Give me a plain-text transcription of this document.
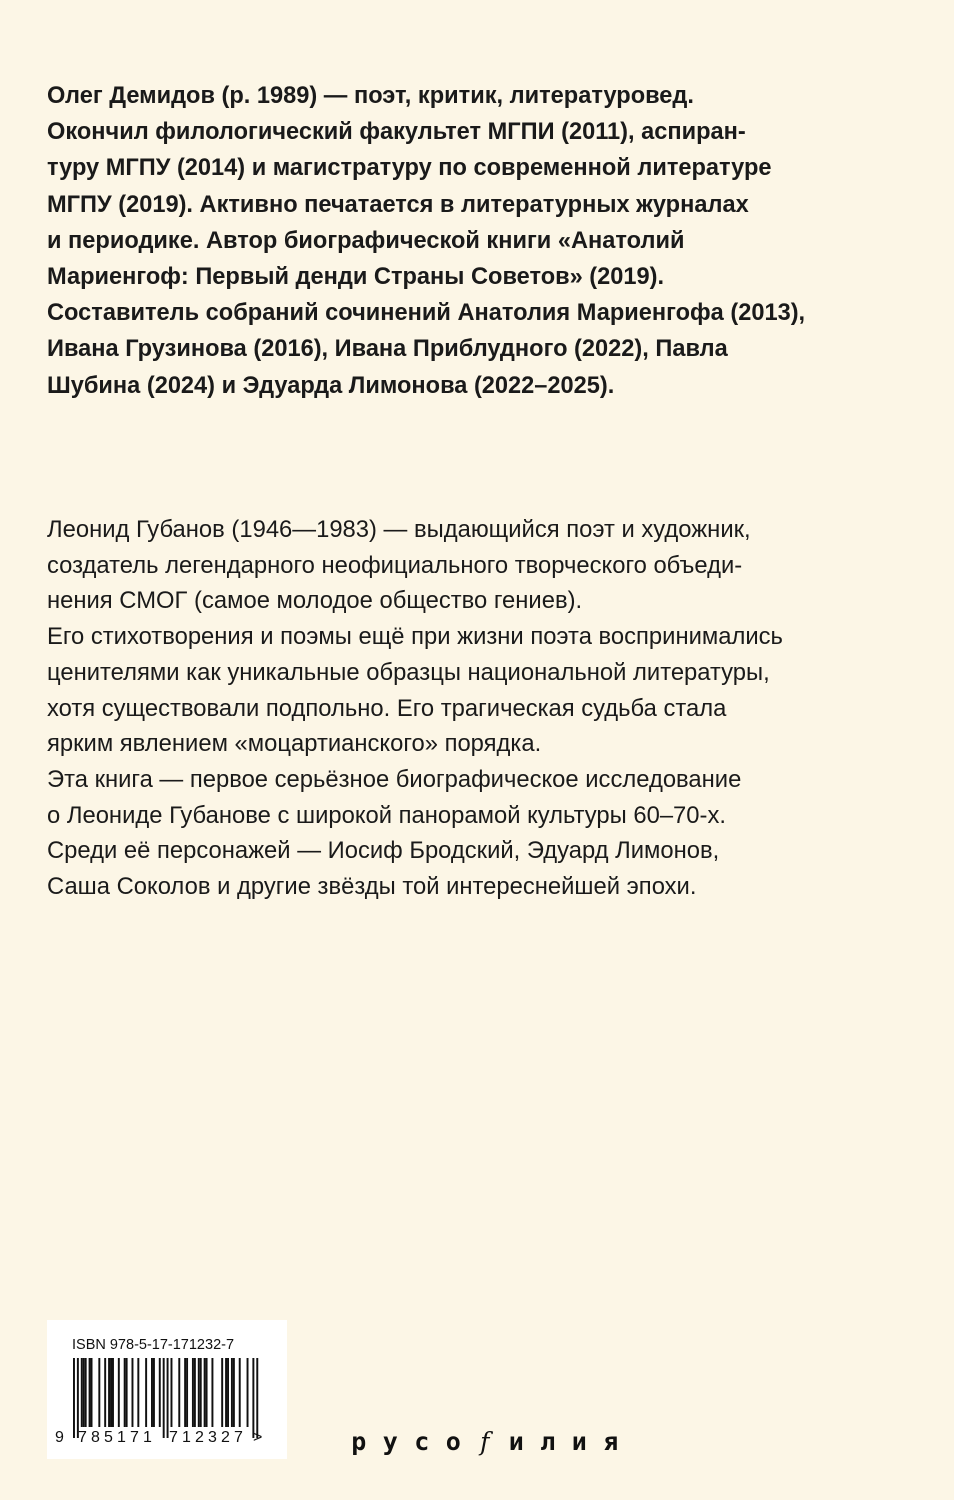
Олег Демидов (р. 1989) — поэт, критик, литературовед.
Окончил филологический факультет МГПИ (2011), аспиран-
туру МГПУ (2014) и магистратуру по современной литературе
МГПУ (2019). Активно печатается в литературных журналах
и периодике. Автор биографической книги «Анатолий
Мариенгоф: Первый денди Страны Советов» (2019).
Составитель собраний сочинений Анатолия Мариенгофа (2013),
Ивана Грузинова (2016), Ивана Приблудного (2022), Павла
Шубина (2024) и Эдуарда Лимонова (2022–2025).
Леонид Губанов (1946—1983) — выдающийся поэт и художник,
создатель легендарного неофициального творческого объеди-
нения СМОГ (самое молодое общество гениев).
Его стихотворения и поэмы ещё при жизни поэта воспринимались
ценителями как уникальные образцы национальной литературы,
хотя существовали подпольно. Его трагическая судьба стала
ярким явлением «моцартианского» порядка.
Эта книга — первое серьёзное биографическое исследование
о Леониде Губанове с широкой панорамой культуры 60–70-х.
Среди её персонажей — Иосиф Бродский, Эдуард Лимонов,
Саша Соколов и другие звёзды той интереснейшей эпохи.
ISBN 978-5-17-171232-7
9 7 8 5 1 7 1 7 1 2 3 2 7 >	р у с о f и л и я
